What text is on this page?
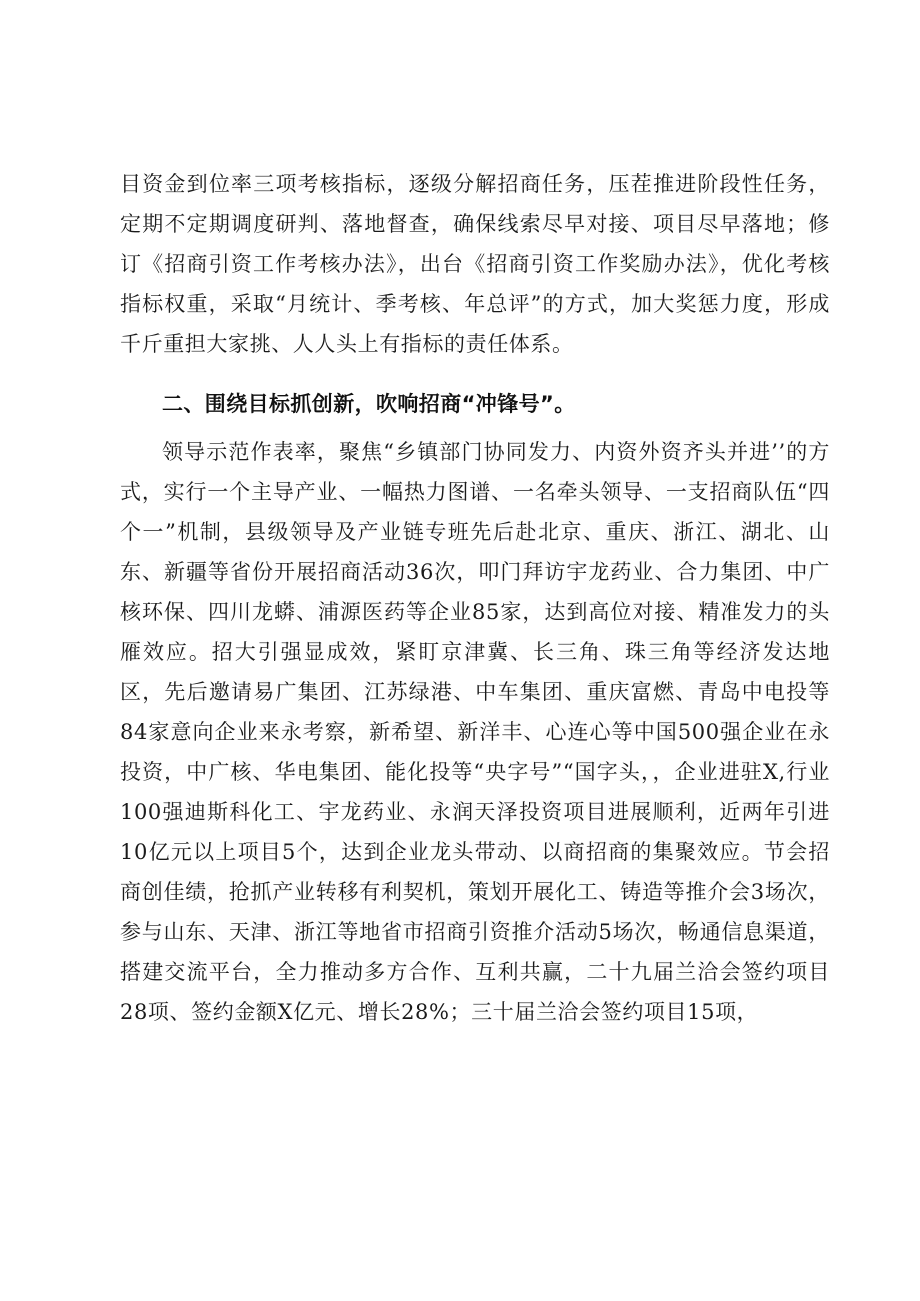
目资金到位率三项考核指标，逐级分解招商任务，压茬推进阶段性任务，定期不定期调度研判、落地督查，确保线索尽早对接、项目尽早落地；修订《招商引资工作考核办法》，出台《招商引资工作奖励办法》，优化考核指标权重，采取“月统计、季考核、年总评”的方式，加大奖惩力度，形成千斤重担大家挑、人人头上有指标的责任体系。

二、围绕目标抓创新，吹响招商“冲锋号”。

领导示范作表率，聚焦“乡镇部门协同发力、内资外资齐头并进’’的方式，实行一个主导产业、一幅热力图谱、一名牵头领导、一支招商队伍“四个一”机制，县级领导及产业链专班先后赴北京、重庆、浙江、湖北、山东、新疆等省份开展招商活动36次，叩门拜访宇龙药业、合力集团、中广核环保、四川龙蟒、浦源医药等企业85家，达到高位对接、精准发力的头雁效应。招大引强显成效，紧盯京津冀、长三角、珠三角等经济发达地区，先后邀请易广集团、江苏绿港、中车集团、重庆富燃、青岛中电投等84家意向企业来永考察，新希望、新洋丰、心连心等中国500强企业在永投资，中广核、华电集团、能化投等“央字号”“国字头，，企业进驻X,行业100强迪斯科化工、宇龙药业、永润天泽投资项目进展顺利，近两年引进10亿元以上项目5个，达到企业龙头带动、以商招商的集聚效应。节会招商创佳绩，抢抓产业转移有利契机，策划开展化工、铸造等推介会3场次，参与山东、天津、浙江等地省市招商引资推介活动5场次，畅通信息渠道，搭建交流平台，全力推动多方合作、互利共赢，二十九届兰洽会签约项目28项、签约金额X亿元、增长28%；三十届兰洽会签约项目15项，
